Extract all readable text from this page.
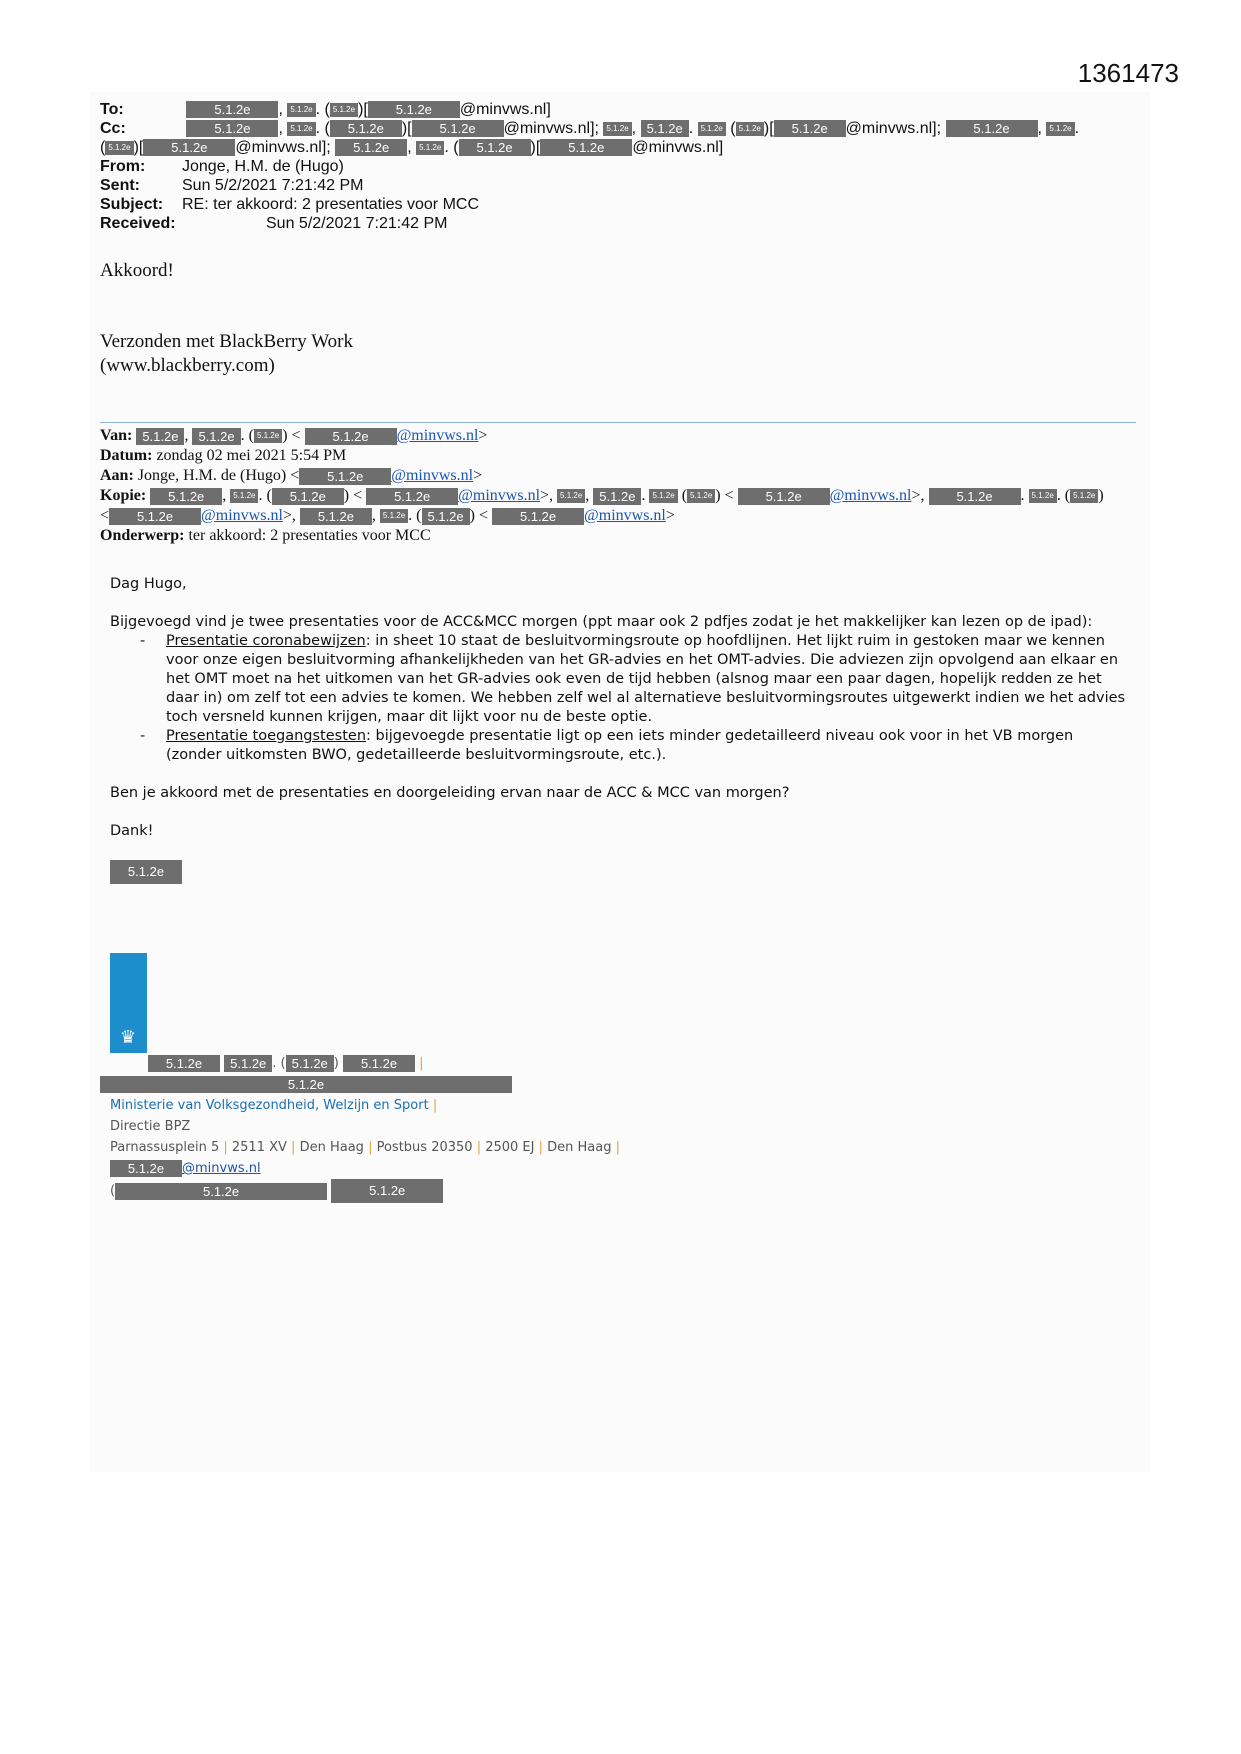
1361473
To:	5.1.2e , 5.1.2e . ( 5.1.2e )[ 5.1.2e @minvws.nl]
Cc:	5.1.2e , 5.1.2e . ( 5.1.2e )[ 5.1.2e @minvws.nl]; 5.1.2e , 5.1.2e . 5.1.2e ( 5.1.2e )[ 5.1.2e @minvws.nl]; 5.1.2e , 5.1.2e .
( 5.1.2e )[ 5.1.2e @minvws.nl]; 5.1.2e , 5.1.2e . ( 5.1.2e )[ 5.1.2e @minvws.nl]
From: Jonge, H.M. de (Hugo)
Sent:	Sun 5/2/2021 7:21:42 PM
Subject: RE: ter akkoord: 2 presentaties voor MCC
Received:	Sun 5/2/2021 7:21:42 PM
Akkoord!
Verzonden met BlackBerry Work
(www.blackberry.com)
Van: 5.1.2e , 5.1.2e . ( 5.1.2e ) < 5.1.2e @minvws.nl>
Datum: zondag 02 mei 2021 5:54 PM
Aan: Jonge, H.M. de (Hugo) < 5.1.2e @minvws.nl>
Kopie: 5.1.2e , 5.1.2e . ( 5.1.2e ) < 5.1.2e @minvws.nl>, 5.1.2e , 5.1.2e . 5.1.2e ( 5.1.2e ) < 5.1.2e @minvws.nl>, 5.1.2e . 5.1.2e . ( 5.1.2e )
< 5.1.2e @minvws.nl>, 5.1.2e , 5.1.2e . ( 5.1.2e ) < 5.1.2e @minvws.nl>
Onderwerp: ter akkoord: 2 presentaties voor MCC

Dag Hugo,

Bijgevoegd vind je twee presentaties voor de ACC&MCC morgen (ppt maar ook 2 pdfjes zodat je het makkelijker kan lezen op de ipad):
- Presentatie coronabewijzen: in sheet 10 staat de besluitvormingsroute op hoofdlijnen. Het lijkt ruim in gestoken maar we kennen voor onze eigen besluitvorming afhankelijkheden van het GR-advies en het OMT-advies. Die adviezen zijn opvolgend aan elkaar en het OMT moet na het uitkomen van het GR-advies ook even de tijd hebben (alsnog maar een paar dagen, hopelijk redden ze het daar in) om zelf tot een advies te komen. We hebben zelf wel al alternatieve besluitvormingsroutes uitgewerkt indien we het advies toch versneld kunnen krijgen, maar dit lijkt voor nu de beste optie.
- Presentatie toegangstesten: bijgevoegde presentatie ligt op een iets minder gedetailleerd niveau ook voor in het VB morgen (zonder uitkomsten BWO, gedetailleerde besluitvormingsroute, etc.).

Ben je akkoord met de presentaties en doorgeleiding ervan naar de ACC & MCC van morgen?

Dank!

5.1.2e
♛
5.1.2e 5.1.2e . ( 5.1.2e ) 5.1.2e |
5.1.2e
Ministerie van Volksgezondheid, Welzijn en Sport |
Directie BPZ
Parnassusplein 5 | 2511 XV | Den Haag | Postbus 20350 | 2500 EJ | Den Haag |
5.1.2e @minvws.nl
(	5.1.2e	5.1.2e
